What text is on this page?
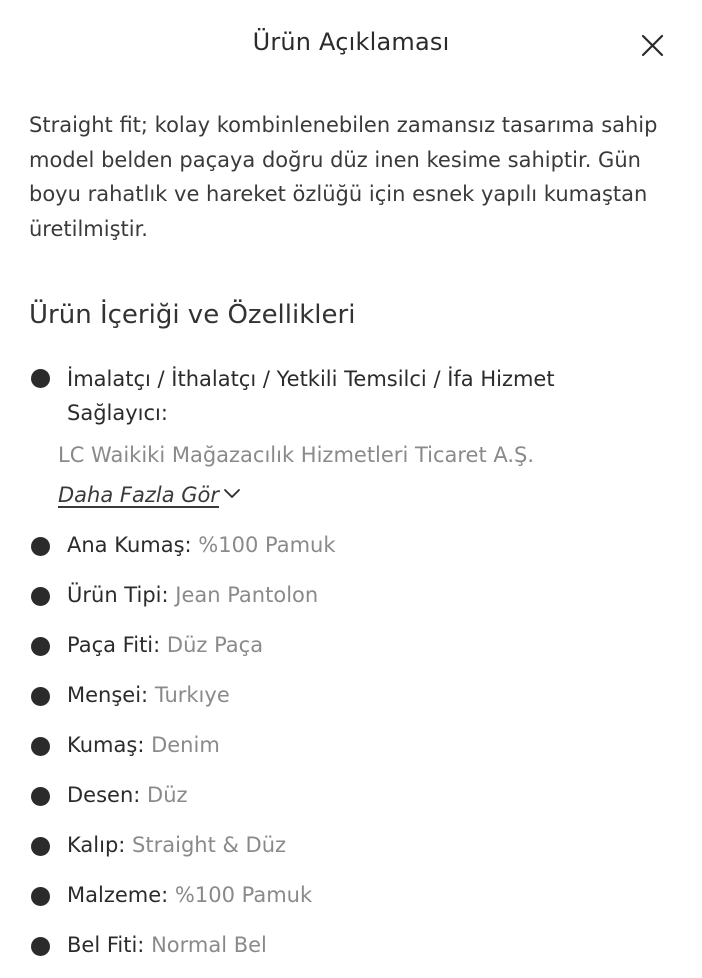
Ürün Açıklaması

Straight fit; kolay kombinlenebilen zamansız tasarıma sahip model belden paçaya doğru düz inen kesime sahiptir. Gün boyu rahatlık ve hareket özlüğü için esnek yapılı kumaştan üretilmiştir.

Ürün İçeriği ve Özellikleri
İmalatçı / İthalatçı / Yetkili Temsilci / İfa Hizmet Sağlayıcı:
LC Waikiki Mağazacılık Hizmetleri Ticaret A.Ş.
Daha Fazla Gör
Ana Kumaş: %100 Pamuk
Ürün Tipi: Jean Pantolon
Paça Fiti: Düz Paça
Menşei: Turkıye
Kumaş: Denim
Desen: Düz
Kalıp: Straight & Düz
Malzeme: %100 Pamuk
Bel Fiti: Normal Bel
